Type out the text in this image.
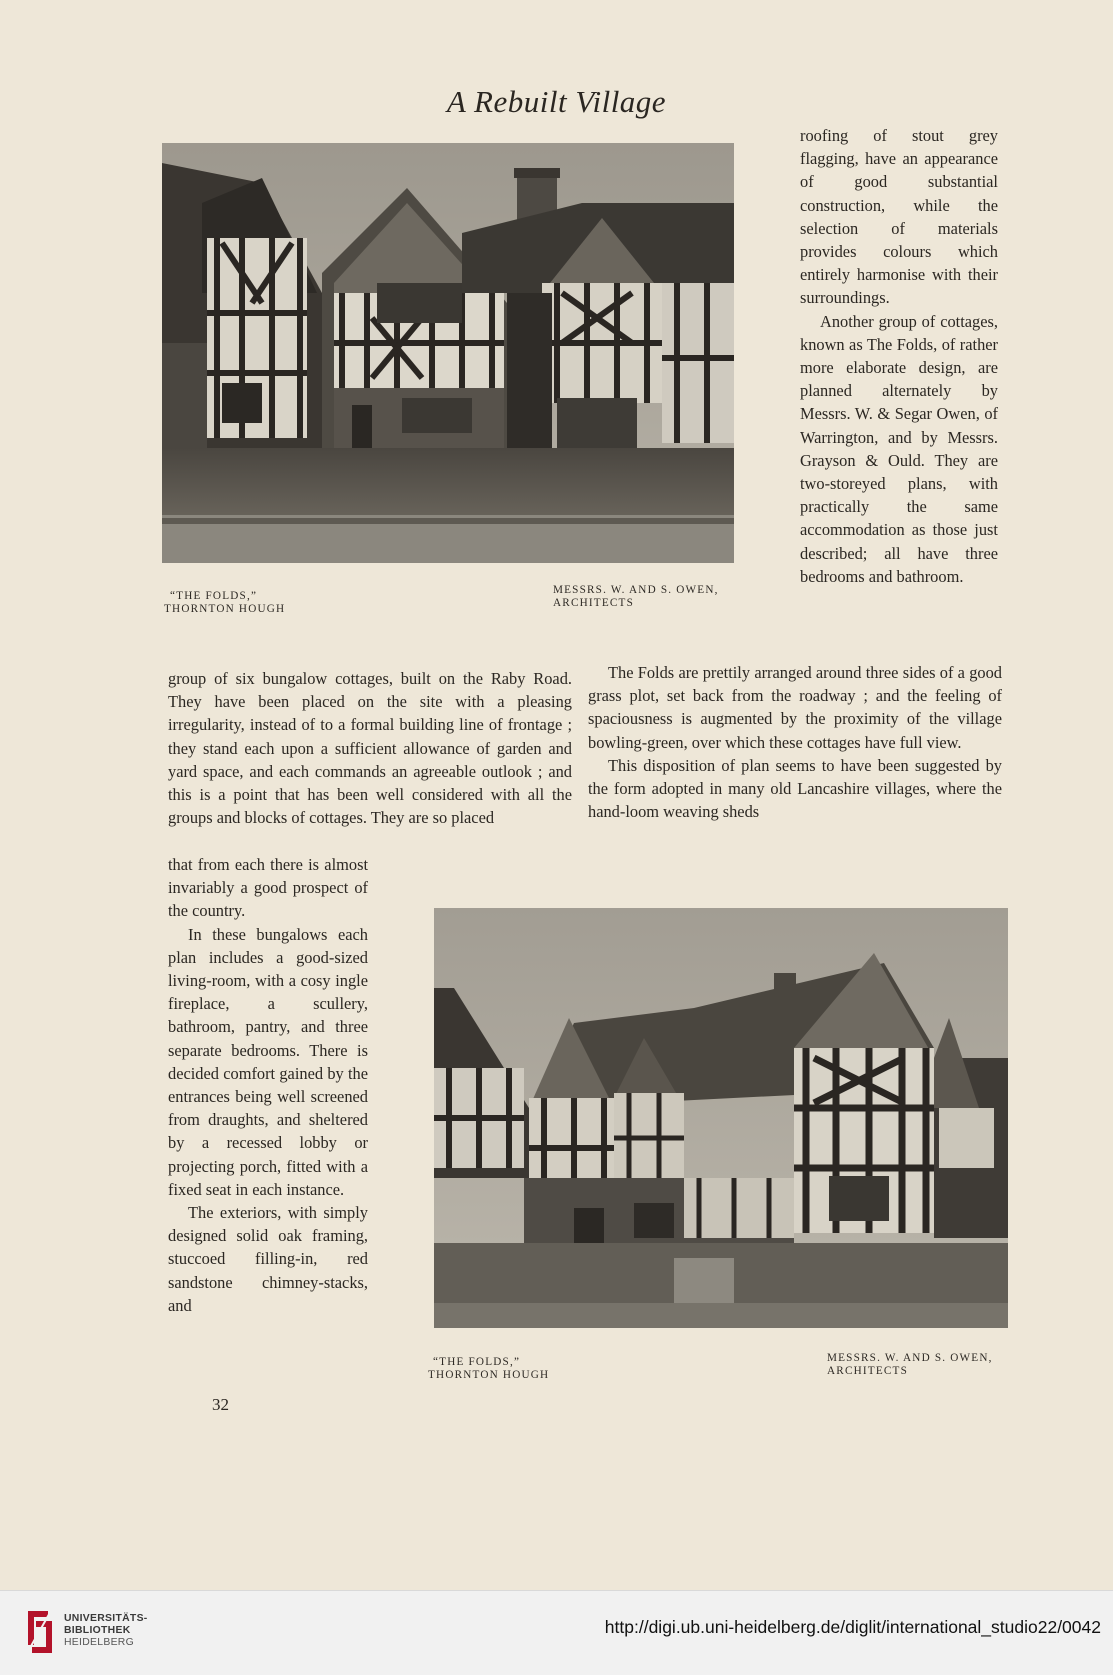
A Rebuilt Village
“THE FOLDS,”
THORNTON HOUGH
MESSRS. W. AND S. OWEN,
ARCHITECTS

roofing of stout grey flagging, have an appearance of good substantial construction, while the selection of materials provides colours which entirely harmonise with their surroundings.

Another group of cottages, known as The Folds, of rather more elaborate design, are planned alternately by Messrs. W. & Segar Owen, of Warrington, and by Messrs. Grayson & Ould. They are two-storeyed plans, with practically the same accommodation as those just described; all have three bedrooms and bathroom.

group of six bungalow cottages, built on the Raby Road. They have been placed on the site with a pleasing irregularity, instead of to a formal building line of frontage ; they stand each upon a sufficient allowance of garden and yard space, and each commands an agreeable outlook ; and this is a point that has been well considered with all the groups and blocks of cottages. They are so placed

The Folds are prettily arranged around three sides of a good grass plot, set back from the roadway ; and the feeling of spaciousness is augmented by the proximity of the village bowling-green, over which these cottages have full view.

This disposition of plan seems to have been suggested by the form adopted in many old Lancashire villages, where the hand-loom weaving sheds

that from each there is almost invariably a good prospect of the country.

In these bungalows each plan includes a good-sized living-room, with a cosy ingle fireplace, a scullery, bathroom, pantry, and three separate bedrooms. There is decided comfort gained by the entrances being well screened from draughts, and sheltered by a recessed lobby or projecting porch, fitted with a fixed seat in each instance.

The exteriors, with simply designed solid oak framing, stuccoed filling-in, red sandstone chimney-stacks, and

“THE FOLDS,”
THORNTON HOUGH
MESSRS. W. AND S. OWEN,
ARCHITECTS
32
UNIVERSITÄTS-
BIBLIOTHEK
HEIDELBERG
http://digi.ub.uni-heidelberg.de/diglit/international_studio22/0042
